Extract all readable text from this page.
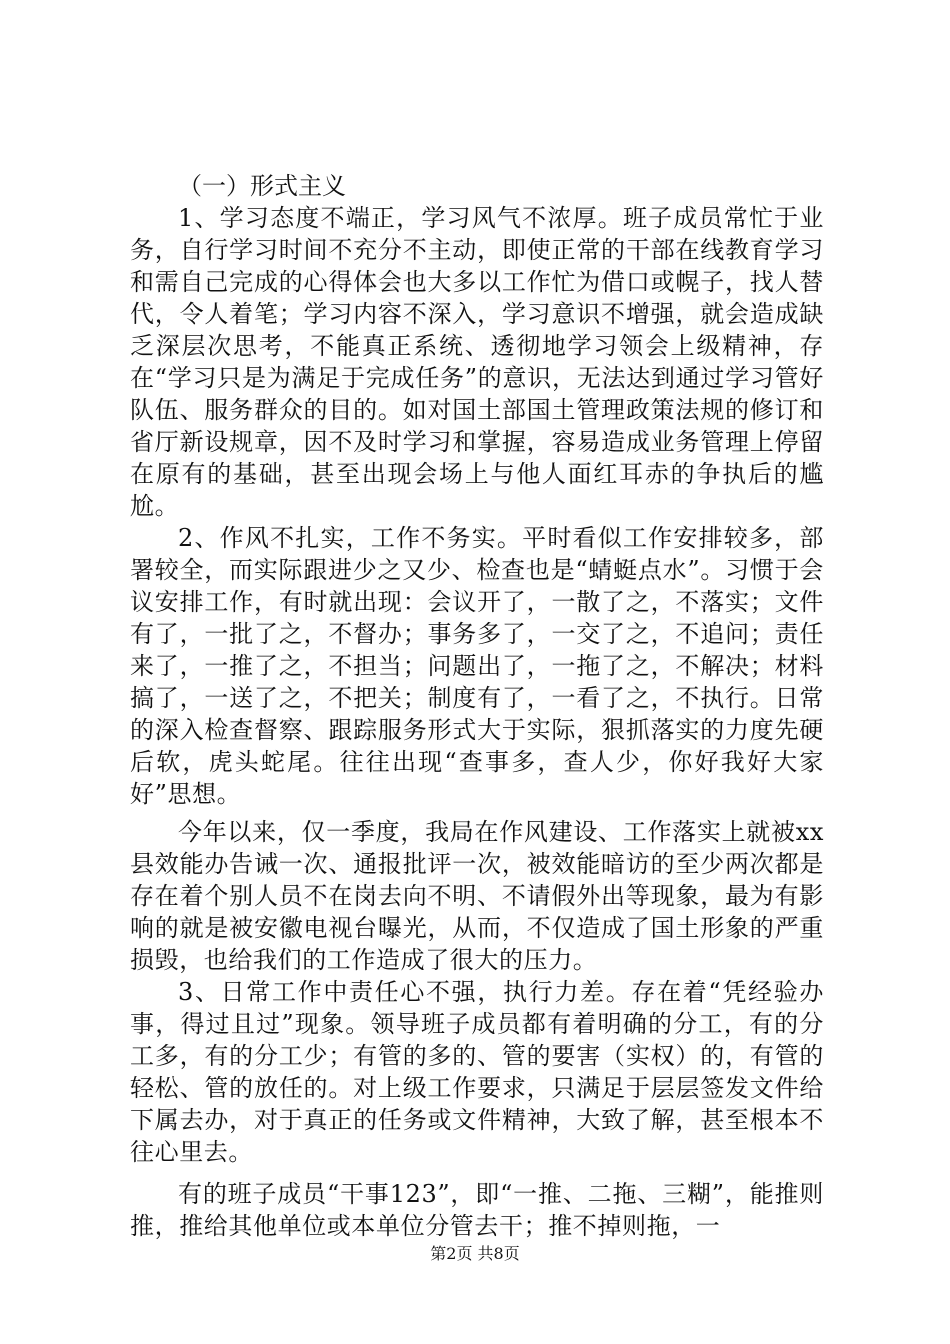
（一）形式主义

1、学习态度不端正，学习风气不浓厚。班子成员常忙于业务，自行学习时间不充分不主动，即使正常的干部在线教育学习和需自己完成的心得体会也大多以工作忙为借口或幌子，找人替代，令人着笔；学习内容不深入，学习意识不增强，就会造成缺乏深层次思考，不能真正系统、透彻地学习领会上级精神，存在“学习只是为满足于完成任务”的意识，无法达到通过学习管好队伍、服务群众的目的。如对国土部国土管理政策法规的修订和省厅新设规章，因不及时学习和掌握，容易造成业务管理上停留在原有的基础，甚至出现会场上与他人面红耳赤的争执后的尴尬。

2、作风不扎实，工作不务实。平时看似工作安排较多，部署较全，而实际跟进少之又少、检查也是“蜻蜓点水”。习惯于会议安排工作，有时就出现：会议开了，一散了之，不落实；文件有了，一批了之，不督办；事务多了，一交了之，不追问；责任来了，一推了之，不担当；问题出了，一拖了之，不解决；材料搞了，一送了之，不把关；制度有了，一看了之，不执行。日常的深入检查督察、跟踪服务形式大于实际，狠抓落实的力度先硬后软，虎头蛇尾。往往出现“查事多，查人少，你好我好大家好”思想。

今年以来，仅一季度，我局在作风建设、工作落实上就被xx县效能办告诫一次、通报批评一次，被效能暗访的至少两次都是存在着个别人员不在岗去向不明、不请假外出等现象，最为有影响的就是被安徽电视台曝光，从而，不仅造成了国土形象的严重损毁，也给我们的工作造成了很大的压力。

3、日常工作中责任心不强，执行力差。存在着“凭经验办事，得过且过”现象。领导班子成员都有着明确的分工，有的分工多，有的分工少；有管的多的、管的要害（实权）的，有管的轻松、管的放任的。对上级工作要求，只满足于层层签发文件给下属去办，对于真正的任务或文件精神，大致了解，甚至根本不往心里去。

有的班子成员“干事123”，即“一推、二拖、三糊”，能推则推，推给其他单位或本单位分管去干；推不掉则拖，一

第2页 共8页
